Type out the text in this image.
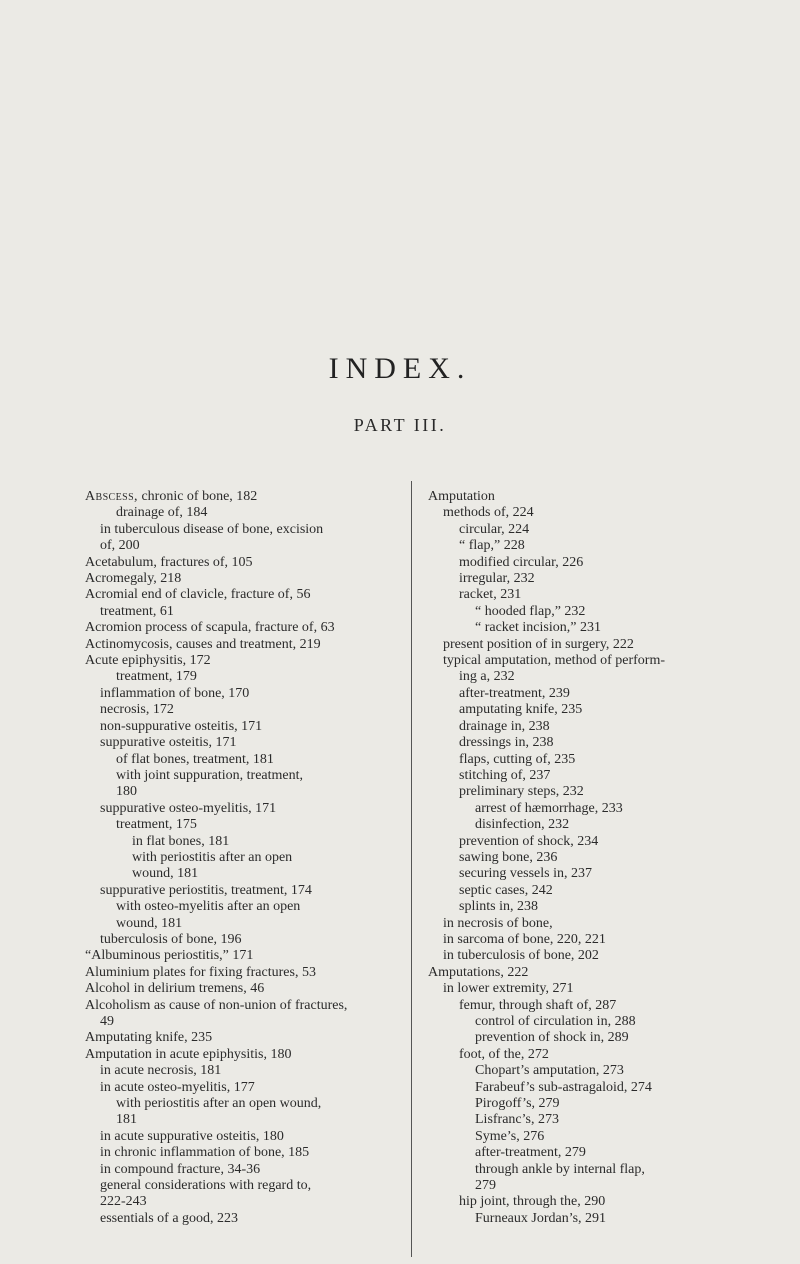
INDEX.
PART III.
Abscess, chronic of bone, 182
drainage of, 184
in tuberculous disease of bone, excision
of, 200
Acetabulum, fractures of, 105
Acromegaly, 218
Acromial end of clavicle, fracture of, 56
treatment, 61
Acromion process of scapula, fracture of, 63
Actinomycosis, causes and treatment, 219
Acute epiphysitis, 172
treatment, 179
inflammation of bone, 170
necrosis, 172
non-suppurative osteitis, 171
suppurative osteitis, 171
of flat bones, treatment, 181
with joint suppuration, treatment,
180
suppurative osteo-myelitis, 171
treatment, 175
in flat bones, 181
with periostitis after an open
wound, 181
suppurative periostitis, treatment, 174
with osteo-myelitis after an open
wound, 181
tuberculosis of bone, 196
“Albuminous periostitis,” 171
Aluminium plates for fixing fractures, 53
Alcohol in delirium tremens, 46
Alcoholism as cause of non-union of fractures,
49
Amputating knife, 235
Amputation in acute epiphysitis, 180
in acute necrosis, 181
in acute osteo-myelitis, 177
with periostitis after an open wound,
181
in acute suppurative osteitis, 180
in chronic inflammation of bone, 185
in compound fracture, 34-36
general considerations with regard to,
222-243
essentials of a good, 223
Amputation
methods of, 224
circular, 224
“ flap,” 228
modified circular, 226
irregular, 232
racket, 231
“ hooded flap,” 232
“ racket incision,” 231
present position of in surgery, 222
typical amputation, method of perform-
ing a, 232
after-treatment, 239
amputating knife, 235
drainage in, 238
dressings in, 238
flaps, cutting of, 235
stitching of, 237
preliminary steps, 232
arrest of hæmorrhage, 233
disinfection, 232
prevention of shock, 234
sawing bone, 236
securing vessels in, 237
septic cases, 242
splints in, 238
in necrosis of bone,
in sarcoma of bone, 220, 221
in tuberculosis of bone, 202
Amputations, 222
in lower extremity, 271
femur, through shaft of, 287
control of circulation in, 288
prevention of shock in, 289
foot, of the, 272
Chopart’s amputation, 273
Farabeuf’s sub-astragaloid, 274
Pirogoff’s, 279
Lisfranc’s, 273
Syme’s, 276
after-treatment, 279
through ankle by internal flap,
279
hip joint, through the, 290
Furneaux Jordan’s, 291
